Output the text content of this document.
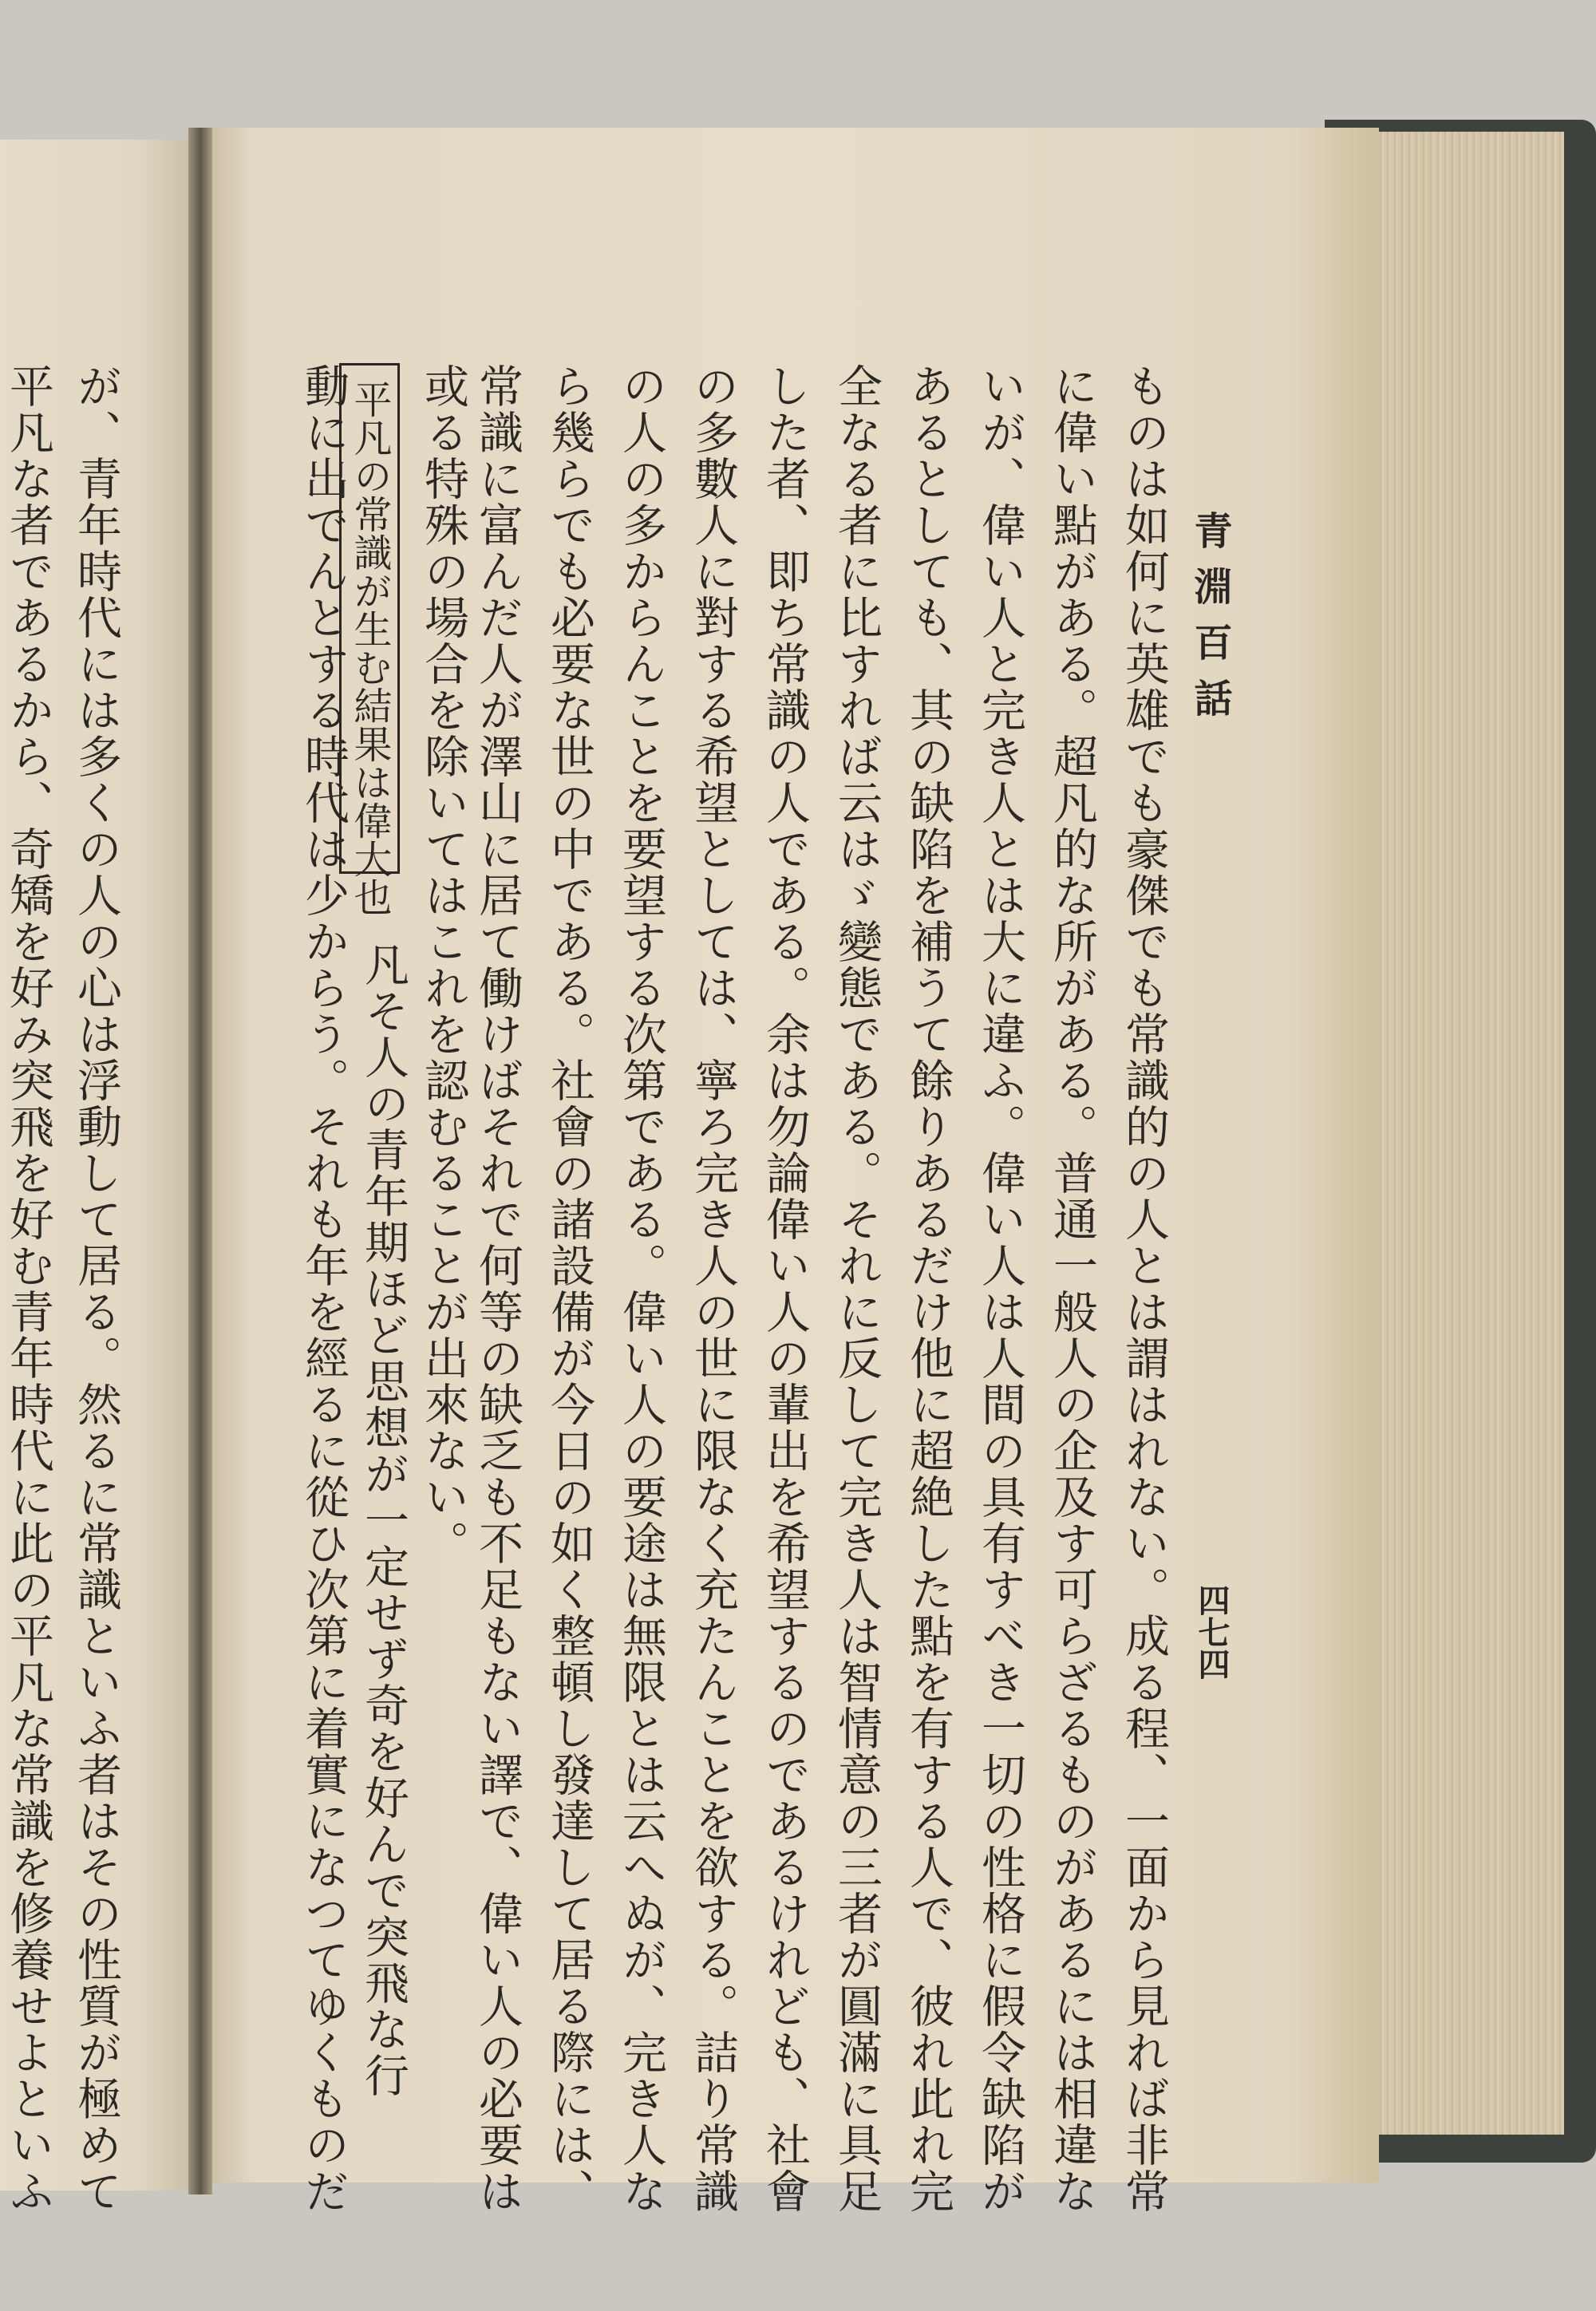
青淵百話
四七四
ものは如何に英雄でも豪傑でも常識的の人とは謂はれない。成る程、一面から見れば非常
に偉い點がある。超凡的な所がある。普通一般人の企及す可らざるものがあるには相違な
いが、偉い人と完き人とは大に違ふ。偉い人は人間の具有すべき一切の性格に假令缺陷が
あるとしても、其の缺陷を補うて餘りあるだけ他に超絶した點を有する人で、彼れ此れ完
全なる者に比すれば云はゞ變態である。それに反して完き人は智情意の三者が圓滿に具足
した者、即ち常識の人である。余は勿論偉い人の輩出を希望するのであるけれども、社會
の多數人に對する希望としては、寧ろ完き人の世に限なく充たんことを欲する。詰り常識
の人の多からんことを要望する次第である。偉い人の要途は無限とは云へぬが、完き人な
ら幾らでも必要な世の中である。社會の諸設備が今日の如く整頓し發達して居る際には、
常識に富んだ人が澤山に居て働けばそれで何等の缺乏も不足もない譯で、偉い人の必要は
或る特殊の場合を除いてはこれを認むることが出來ない。
平凡の常識が生む結果は偉大也
凡そ人の青年期ほど思想が一定せず奇を好んで突飛な行
動に出でんとする時代は少からう。それも年を經るに從ひ次第に着實になつてゆくものだ
が、青年時代には多くの人の心は浮動して居る。然るに常識といふ者はその性質が極めて
平凡な者であるから、奇矯を好み突飛を好む青年時代に此の平凡な常識を修養せよといふ
